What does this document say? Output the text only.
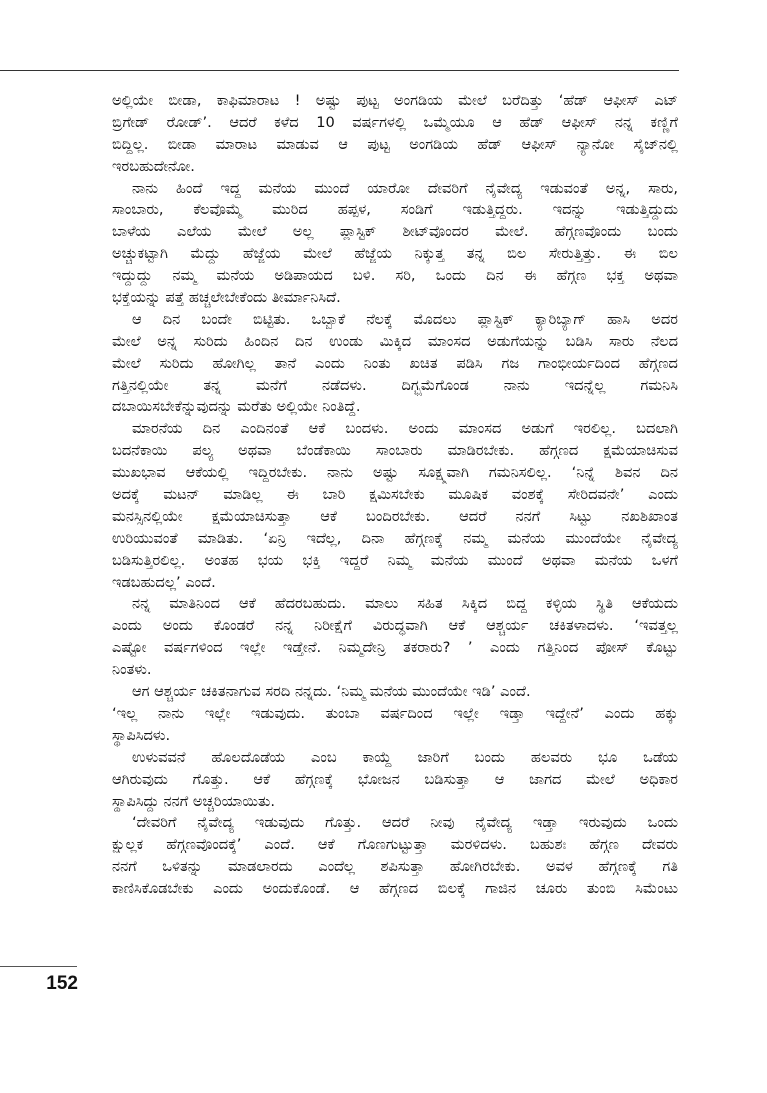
ಅಲ್ಲಿಯೇ ಬೀಡಾ, ಕಾಫಿಮಾರಾಟ ! ಅಷ್ಟು ಪುಟ್ಟ ಅಂಗಡಿಯ ಮೇಲೆ ಬರೆದಿತ್ತು ‘ಹೆಡ್ ಆಫೀಸ್ ಎಟ್
ಬ್ರಿಗೇಡ್ ರೋಡ್’. ಆದರೆ ಕಳೆದ 10 ವರ್ಷಗಳಲ್ಲಿ ಒಮ್ಮೆಯೂ ಆ ಹೆಡ್ ಆಫೀಸ್ ನನ್ನ ಕಣ್ಣಿಗೆ
ಬಿದ್ದಿಲ್ಲ. ಬೀಡಾ ಮಾರಾಟ ಮಾಡುವ ಆ ಪುಟ್ಟ ಅಂಗಡಿಯ ಹೆಡ್ ಆಫೀಸ್ ನ್ಯಾನೋ ಸೈಜ್‌ನಲ್ಲಿ
ಇರಬಹುದೇನೋ.
ನಾನು ಹಿಂದೆ ಇದ್ದ ಮನೆಯ ಮುಂದೆ ಯಾರೋ ದೇವರಿಗೆ ನೈವೇದ್ಯ ಇಡುವಂತೆ ಅನ್ನ, ಸಾರು,
ಸಾಂಬಾರು, ಕೆಲವೊಮ್ಮೆ ಮುರಿದ ಹಪ್ಪಳ, ಸಂಡಿಗೆ ಇಡುತ್ತಿದ್ದರು. ಇದನ್ನು ಇಡುತ್ತಿದ್ದುದು
ಬಾಳೆಯ ಎಲೆಯ ಮೇಲೆ ಅಲ್ಲ ಪ್ಲಾಸ್ಟಿಕ್ ಶೀಟ್‌ವೊಂದರ ಮೇಲೆ. ಹೆಗ್ಗಣವೊಂದು ಬಂದು
ಅಚ್ಚುಕಟ್ಟಾಗಿ ಮೆದ್ದು ಹೆಜ್ಜೆಯ ಮೇಲೆ ಹೆಜ್ಜೆಯ ನಿಕ್ಕುತ್ತ ತನ್ನ ಬಿಲ ಸೇರುತ್ತಿತ್ತು. ಈ ಬಿಲ
ಇದ್ದುದ್ದು ನಮ್ಮ ಮನೆಯ ಅಡಿಪಾಯದ ಬಳಿ. ಸರಿ, ಒಂದು ದಿನ ಈ ಹೆಗ್ಗಣ ಭಕ್ತ ಅಥವಾ
ಭಕ್ತೆಯನ್ನು ಪತ್ತೆ ಹಚ್ಚಲೇಬೇಕೆಂದು ತೀರ್ಮಾನಿಸಿದೆ.
ಆ ದಿನ ಬಂದೇ ಬಿಟ್ಟಿತು. ಒಬ್ಬಾಕೆ ನೆಲಕ್ಕೆ ಮೊದಲು ಪ್ಲಾಸ್ಟಿಕ್ ಕ್ಯಾರಿಬ್ಯಾಗ್ ಹಾಸಿ ಅದರ
ಮೇಲೆ ಅನ್ನ ಸುರಿದು ಹಿಂದಿನ ದಿನ ಉಂಡು ಮಿಕ್ಕಿದ ಮಾಂಸದ ಅಡುಗೆಯನ್ನು ಬಡಿಸಿ ಸಾರು ನೆಲದ
ಮೇಲೆ ಸುರಿದು ಹೋಗಿಲ್ಲ ತಾನೆ ಎಂದು ನಿಂತು ಖಚಿತ ಪಡಿಸಿ ಗಜ ಗಾಂಭೀರ್ಯದಿಂದ ಹೆಗ್ಗಣದ
ಗತ್ತಿನಲ್ಲಿಯೇ ತನ್ನ ಮನೆಗೆ ನಡೆದಳು. ದಿಗ್ಭ್ರಮೆಗೊಂಡ ನಾನು ಇದನ್ನೆಲ್ಲ ಗಮನಿಸಿ
ದಬಾಯಿಸಬೇಕೆನ್ನುವುದನ್ನು ಮರೆತು ಅಲ್ಲಿಯೇ ನಿಂತಿದ್ದೆ.
ಮಾರನೆಯ ದಿನ ಎಂದಿನಂತೆ ಆಕೆ ಬಂದಳು. ಅಂದು ಮಾಂಸದ ಅಡುಗೆ ಇರಲಿಲ್ಲ. ಬದಲಾಗಿ
ಬದನೆಕಾಯಿ ಪಲ್ಯ ಅಥವಾ ಬೆಂಡೆಕಾಯಿ ಸಾಂಬಾರು ಮಾಡಿರಬೇಕು. ಹೆಗ್ಗಣದ ಕ್ಷಮೆಯಾಚಿಸುವ
ಮುಖಭಾವ ಆಕೆಯಲ್ಲಿ ಇದ್ದಿರಬೇಕು. ನಾನು ಅಷ್ಟು ಸೂಕ್ಷ್ಮವಾಗಿ ಗಮನಿಸಲಿಲ್ಲ. ‘ನಿನ್ನೆ ಶಿವನ ದಿನ
ಅದಕ್ಕೆ ಮಟನ್ ಮಾಡಿಲ್ಲ ಈ ಬಾರಿ ಕ್ಷಮಿಸಬೇಕು ಮೂಷಿಕ ವಂಶಕ್ಕೆ ಸೇರಿದವನೇ’ ಎಂದು
ಮನಸ್ಸಿನಲ್ಲಿಯೇ ಕ್ಷಮೆಯಾಚಿಸುತ್ತಾ ಆಕೆ ಬಂದಿರಬೇಕು. ಆದರೆ ನನಗೆ ಸಿಟ್ಟು ನಖಶಿಖಾಂತ
ಉರಿಯುವಂತೆ ಮಾಡಿತು. ‘ಏನ್ರಿ ಇದೆಲ್ಲ, ದಿನಾ ಹೆಗ್ಗಣಕ್ಕೆ ನಮ್ಮ ಮನೆಯ ಮುಂದೆಯೇ ನೈವೇದ್ಯ
ಬಡಿಸುತ್ತಿರಲಿಲ್ಲ. ಅಂತಹ ಭಯ ಭಕ್ತಿ ಇದ್ದರೆ ನಿಮ್ಮ ಮನೆಯ ಮುಂದೆ ಅಥವಾ ಮನೆಯ ಒಳಗೆ
ಇಡಬಹುದಲ್ಲ’ ಎಂದೆ.
ನನ್ನ ಮಾತಿನಿಂದ ಆಕೆ ಹೆದರಬಹುದು. ಮಾಲು ಸಹಿತ ಸಿಕ್ಕಿದ ಬಿದ್ದ ಕಳ್ಳಿಯ ಸ್ಥಿತಿ ಆಕೆಯದು
ಎಂದು ಅಂದು ಕೊಂಡರೆ ನನ್ನ ನಿರೀಕ್ಷೆಗೆ ವಿರುದ್ಧವಾಗಿ ಆಕೆ ಆಶ್ಚರ್ಯ ಚಕಿತಳಾದಳು. ‘ಇವತ್ತಲ್ಲ
ಎಷ್ಟೋ ವರ್ಷಗಳಿಂದ ಇಲ್ಲೇ ಇಡ್ತೇನೆ. ನಿಮ್ಮದೇನ್ರಿ ತಕರಾರು? ’ ಎಂದು ಗತ್ತಿನಿಂದ ಪೋಸ್ ಕೊಟ್ಟು
ನಿಂತಳು.
ಆಗ ಆಶ್ಚರ್ಯ ಚಕಿತನಾಗುವ ಸರದಿ ನನ್ನದು. ‘ನಿಮ್ಮ ಮನೆಯ ಮುಂದೆಯೇ ಇಡಿ’ ಎಂದೆ.
‘ಇಲ್ಲ ನಾನು ಇಲ್ಲೇ ಇಡುವುದು. ತುಂಬಾ ವರ್ಷದಿಂದ ಇಲ್ಲೇ ಇಡ್ತಾ ಇದ್ದೇನೆ’ ಎಂದು ಹಕ್ಕು
ಸ್ಥಾಪಿಸಿದಳು.
ಉಳುವವನೆ ಹೊಲದೊಡೆಯ ಎಂಬ ಕಾಯ್ದೆ ಜಾರಿಗೆ ಬಂದು ಹಲವರು ಭೂ ಒಡೆಯ
ಆಗಿರುವುದು ಗೊತ್ತು. ಆಕೆ ಹೆಗ್ಗಣಕ್ಕೆ ಭೋಜನ ಬಡಿಸುತ್ತಾ ಆ ಜಾಗದ ಮೇಲೆ ಅಧಿಕಾರ
ಸ್ಥಾಪಿಸಿದ್ದು ನನಗೆ ಅಚ್ಚರಿಯಾಯಿತು.
‘ದೇವರಿಗೆ ನೈವೇದ್ಯ ಇಡುವುದು ಗೊತ್ತು. ಆದರೆ ನೀವು ನೈವೇದ್ಯ ಇಡ್ತಾ ಇರುವುದು ಒಂದು
ಕ್ಷುಲ್ಲಕ ಹೆಗ್ಗಣವೊಂದಕ್ಕೆ’ ಎಂದೆ. ಆಕೆ ಗೊಣಗುಟ್ಟುತ್ತಾ ಮರಳಿದಳು. ಬಹುಶಃ ಹೆಗ್ಗಣ ದೇವರು
ನನಗೆ ಒಳಿತನ್ನು ಮಾಡಲಾರದು ಎಂದೆಲ್ಲ ಶಪಿಸುತ್ತಾ ಹೋಗಿರಬೇಕು. ಅವಳ ಹೆಗ್ಗಣಕ್ಕೆ ಗತಿ
ಕಾಣಿಸಿಕೊಡಬೇಕು ಎಂದು ಅಂದುಕೊಂಡೆ. ಆ ಹೆಗ್ಗಣದ ಬಿಲಕ್ಕೆ ಗಾಜಿನ ಚೂರು ತುಂಬಿ ಸಿಮೆಂಟು
152
